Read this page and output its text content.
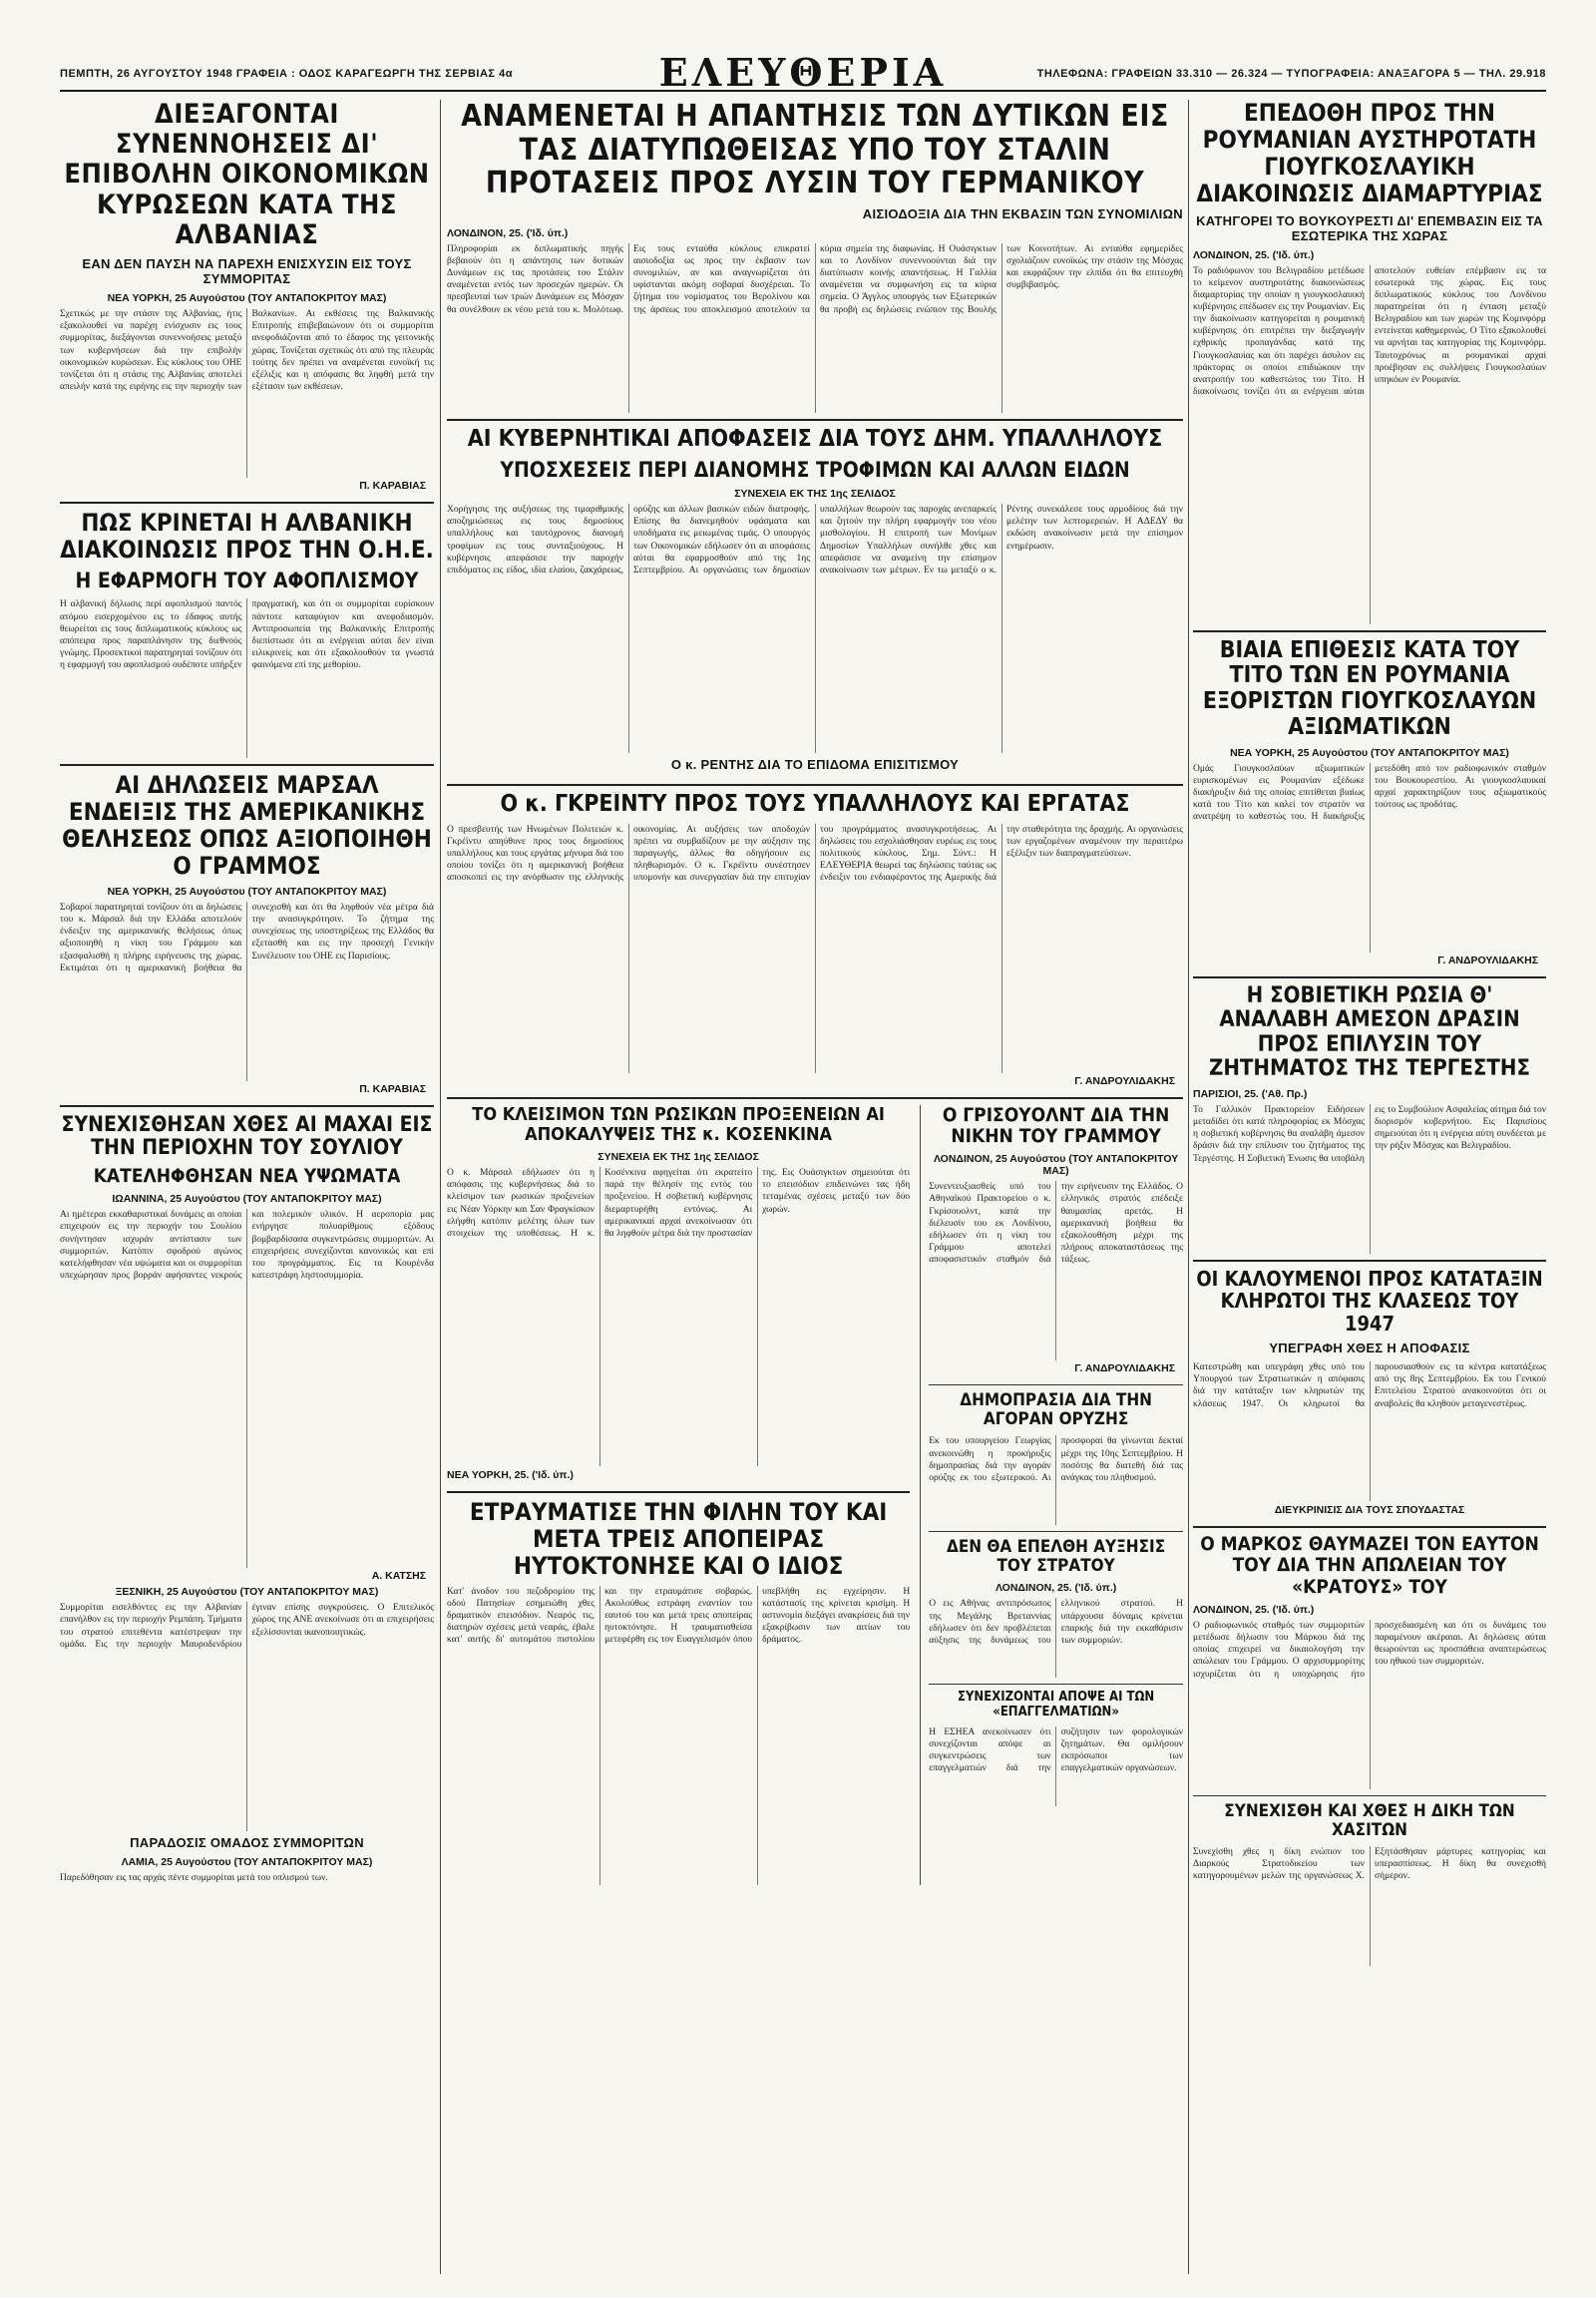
ΠΕΜΠΤΗ, 26 ΑΥΓΟΥΣΤΟΥ 1948 ΓΡΑΦΕΙΑ : ΟΔΟΣ ΚΑΡΑΓΕΩΡΓΗ ΤΗΣ ΣΕΡΒΙΑΣ 4α	ΕΛΕΥΘΕΡΙΑ	ΤΗΛΕΦΩΝΑ: ΓΡΑΦΕΙΩΝ 33.310 — 26.324 — ΤΥΠΟΓΡΑΦΕΙΑ: ΑΝΑΞΑΓΟΡΑ 5 — ΤΗΛ. 29.918
ΔΙΕΞΑΓΟΝΤΑΙ ΣΥΝΕΝΝΟΗΣΕΙΣ ΔΙ' ΕΠΙΒΟΛΗΝ ΟΙΚΟΝΟΜΙΚΩΝ ΚΥΡΩΣΕΩΝ ΚΑΤΑ ΤΗΣ ΑΛΒΑΝΙΑΣ
ΕΑΝ ΔΕΝ ΠΑΥΣΗ ΝΑ ΠΑΡΕΧΗ ΕΝΙΣΧΥΣΙΝ ΕΙΣ ΤΟΥΣ ΣΥΜΜΟΡΙΤΑΣ
ΝΕΑ ΥΟΡΚΗ, 25 Αυγούστου (ΤΟΥ ΑΝΤΑΠΟΚΡΙΤΟΥ ΜΑΣ)
Σχετικώς με την στάσιν της Αλβανίας, ήτις εξακολουθεί να παρέχη ενίσχυσιν εις τους συμμορίτας, διεξάγονται συνεννοήσεις μεταξύ των κυβερνήσεων διά την επιβολήν οικονομικών κυρώσεων. Εις κύκλους του ΟΗΕ τονίζεται ότι η στάσις της Αλβανίας αποτελεί απειλήν κατά της ειρήνης εις την περιοχήν των Βαλκανίων. Αι εκθέσεις της Βαλκανικής Επιτροπής επιβεβαιώνουν ότι οι συμμορίται ανεφοδιάζονται από το έδαφος της γειτονικής χώρας. Τονίζεται σχετικώς ότι από της πλευράς τούτης δεν πρέπει να αναμένεται ευνοϊκή τις εξέλιξις και η απόφασις θα ληφθή μετά την εξέτασιν των εκθέσεων.
Π. ΚΑΡΑΒΙΑΣ
ΠΩΣ ΚΡΙΝΕΤΑΙ Η ΑΛΒΑΝΙΚΗ ΔΙΑΚΟΙΝΩΣΙΣ ΠΡΟΣ ΤΗΝ Ο.Η.Ε.
Η ΕΦΑΡΜΟΓΗ ΤΟΥ ΑΦΟΠΛΙΣΜΟΥ
Η αλβανική δήλωσις περί αφοπλισμού παντός ατόμου εισερχομένου εις το έδαφος αυτής θεωρείται εις τους διπλωματικούς κύκλους ως απόπειρα προς παραπλάνησιν της διεθνούς γνώμης. Προσεκτικοί παρατηρηταί τονίζουν ότι η εφαρμογή του αφοπλισμού ουδέποτε υπήρξεν πραγματική, και ότι οι συμμορίται ευρίσκουν πάντοτε καταφύγιον και ανεφοδιασμόν. Αντιπροσωπεία της Βαλκανικής Επιτροπής διεπίστωσε ότι αι ενέργειαι αύται δεν είναι ειλικρινείς και ότι εξακολουθούν τα γνωστά φαινόμενα επί της μεθορίου.
ΑΙ ΔΗΛΩΣΕΙΣ ΜΑΡΣΑΛ ΕΝΔΕΙΞΙΣ ΤΗΣ ΑΜΕΡΙΚΑΝΙΚΗΣ ΘΕΛΗΣΕΩΣ ΟΠΩΣ ΑΞΙΟΠΟΙΗΘΗ Ο ΓΡΑΜΜΟΣ
ΝΕΑ ΥΟΡΚΗ, 25 Αυγούστου (ΤΟΥ ΑΝΤΑΠΟΚΡΙΤΟΥ ΜΑΣ)
Σοβαροί παρατηρηταί τονίζουν ότι αι δηλώσεις του κ. Μάρσαλ διά την Ελλάδα αποτελούν ένδειξιν της αμερικανικής θελήσεως όπως αξιοποιηθή η νίκη του Γράμμου και εξασφαλισθή η πλήρης ειρήνευσις της χώρας. Εκτιμάται ότι η αμερικανική βοήθεια θα συνεχισθή και ότι θα ληφθούν νέα μέτρα διά την ανασυγκρότησιν. Το ζήτημα της συνεχίσεως της υποστηρίξεως της Ελλάδος θα εξετασθή και εις την προσεχή Γενικήν Συνέλευσιν του ΟΗΕ εις Παρισίους.
Π. ΚΑΡΑΒΙΑΣ
ΣΥΝΕΧΙΣΘΗΣΑΝ ΧΘΕΣ ΑΙ ΜΑΧΑΙ ΕΙΣ ΤΗΝ ΠΕΡΙΟΧΗΝ ΤΟΥ ΣΟΥΛΙΟΥ
ΚΑΤΕΛΗΦΘΗΣΑΝ ΝΕΑ ΥΨΩΜΑΤΑ
ΙΩΑΝΝΙΝΑ, 25 Αυγούστου (ΤΟΥ ΑΝΤΑΠΟΚΡΙΤΟΥ ΜΑΣ)
Αι ημέτεραι εκκαθαριστικαί δυνάμεις αι οποίαι επιχειρούν εις την περιοχήν του Σουλίου συνήντησαν ισχυράν αντίστασιν των συμμοριτών. Κατόπιν σφοδρού αγώνος κατελήφθησαν νέα υψώματα και οι συμμορίται υπεχώρησαν προς βορράν αφήσαντες νεκρούς και πολεμικόν υλικόν. Η αεροπορία μας ενήργησε πολυαρίθμους εξόδους βομβαρδίσασα συγκεντρώσεις συμμοριτών. Αι επιχειρήσεις συνεχίζονται κανονικώς και επί του προγράμματος. Εις τα Κουρένδα κατεστράφη ληστοσυμμορία.
Α. ΚΑΤΣΗΣ
ΞΕΣΝΙΚΗ, 25 Αυγούστου (ΤΟΥ ΑΝΤΑΠΟΚΡΙΤΟΥ ΜΑΣ)
Συμμορίται εισελθόντες εις την Αλβανίαν επανήλθον εις την περιοχήν Ρεμπάπη. Τμήματα του στρατού επιτεθέντα κατέστρεψαν την ομάδα. Εις την περιοχήν Μαυροδενδρίου έγιναν επίσης συγκρούσεις. Ο Επιτελικός χώρος της ΑΝΕ ανεκοίνωσε ότι αι επιχειρήσεις εξελίσσονται ικανοποιητικώς.
ΠΑΡΑΔΟΣΙΣ ΟΜΑΔΟΣ ΣΥΜΜΟΡΙΤΩΝ
ΛΑΜΙΑ, 25 Αυγούστου (ΤΟΥ ΑΝΤΑΠΟΚΡΙΤΟΥ ΜΑΣ)
Παρεδόθησαν εις τας αρχάς πέντε συμμορίται μετά του οπλισμού των.
ΑΝΑΜΕΝΕΤΑΙ Η ΑΠΑΝΤΗΣΙΣ ΤΩΝ ΔΥΤΙΚΩΝ ΕΙΣ ΤΑΣ ΔΙΑΤΥΠΩΘΕΙΣΑΣ ΥΠΟ ΤΟΥ ΣΤΑΛΙΝ ΠΡΟΤΑΣΕΙΣ ΠΡΟΣ ΛΥΣΙΝ ΤΟΥ ΓΕΡΜΑΝΙΚΟΥ
ΑΙΣΙΟΔΟΞΙΑ ΔΙΑ ΤΗΝ ΕΚΒΑΣΙΝ ΤΩΝ ΣΥΝΟΜΙΛΙΩΝ
ΛΟΝΔΙΝΟΝ, 25. ('Ιδ. ύπ.)
Πληροφορίαι εκ διπλωματικής πηγής βεβαιούν ότι η απάντησις των δυτικών Δυνάμεων εις τας προτάσεις του Στάλιν αναμένεται εντός των προσεχών ημερών. Οι πρεσβευταί των τριών Δυνάμεων εις Μόσχαν θα συνέλθουν εκ νέου μετά του κ. Μολότωφ. Εις τους ενταύθα κύκλους επικρατεί αισιοδοξία ως προς την έκβασιν των συνομιλιών, αν και αναγνωρίζεται ότι υφίστανται ακόμη σοβαραί δυσχέρειαι. Το ζήτημα του νομίσματος του Βερολίνου και της άρσεως του αποκλεισμού αποτελούν τα κύρια σημεία της διαφωνίας. Η Ουάσιγκτων και το Λονδίνον συνεννοούνται διά την διατύπωσιν κοινής απαντήσεως. Η Γαλλία αναμένεται να συμφωνήση εις τα κύρια σημεία. Ο Άγγλος υπουργός των Εξωτερικών θα προβή εις δηλώσεις ενώπιον της Βουλής των Κοινοτήτων. Αι ενταύθα εφημερίδες σχολιάζουν ευνοϊκώς την στάσιν της Μόσχας και εκφράζουν την ελπίδα ότι θα επιτευχθή συμβιβασμός.
ΑΙ ΚΥΒΕΡΝΗΤΙΚΑΙ ΑΠΟΦΑΣΕΙΣ ΔΙΑ ΤΟΥΣ ΔΗΜ. ΥΠΑΛΛΗΛΟΥΣ
ΥΠΟΣΧΕΣΕΙΣ ΠΕΡΙ ΔΙΑΝΟΜΗΣ ΤΡΟΦΙΜΩΝ ΚΑΙ ΑΛΛΩΝ ΕΙΔΩΝ
ΣΥΝΕΧΕΙΑ ΕΚ ΤΗΣ 1ης ΣΕΛΙΔΟΣ
Χορήγησις της αυξήσεως της τιμαριθμικής αποζημιώσεως εις τους δημοσίους υπαλλήλους και ταυτόχρονος διανομή τροφίμων εις τους συνταξιούχους. Η κυβέρνησις απεφάσισε την παροχήν επιδόματος εις είδος, ιδία ελαίου, ζακχάρεως, ορύζης και άλλων βασικών ειδών διατροφής. Επίσης θα διανεμηθούν υφάσματα και υποδήματα εις μειωμένας τιμάς. Ο υπουργός των Οικονομικών εδήλωσεν ότι αι αποφάσεις αύται θα εφαρμοσθούν από της 1ης Σεπτεμβρίου. Αι οργανώσεις των δημοσίων υπαλλήλων θεωρούν τας παροχάς ανεπαρκείς και ζητούν την πλήρη εφαρμογήν του νέου μισθολογίου. Η επιτροπή των Μονίμων Δημοσίων Υπαλλήλων συνήλθε χθες και απεφάσισε να αναμείνη την επίσημον ανακοίνωσιν των μέτρων. Εν τω μεταξύ ο κ. Ρέντης συνεκάλεσε τους αρμοδίους διά την μελέτην των λεπτομερειών. Η ΑΔΕΔΥ θα εκδώση ανακοίνωσιν μετά την επίσημον ενημέρωσιν.
Ο κ. ΡΕΝΤΗΣ ΔΙΑ ΤΟ ΕΠΙΔΟΜΑ ΕΠΙΣΙΤΙΣΜΟΥ
Ο κ. ΓΚΡΕΪΝΤΥ ΠΡΟΣ ΤΟΥΣ ΥΠΑΛΛΗΛΟΥΣ ΚΑΙ ΕΡΓΑΤΑΣ
Ο πρεσβευτής των Ηνωμένων Πολιτειών κ. Γκρέϊντυ απηύθυνε προς τους δημοσίους υπαλλήλους και τους εργάτας μήνυμα διά του οποίου τονίζει ότι η αμερικανική βοήθεια αποσκοπεί εις την ανόρθωσιν της ελληνικής οικονομίας. Αι αυξήσεις των αποδοχών πρέπει να συμβαδίζουν με την αύξησιν της παραγωγής, άλλως θα οδηγήσουν εις πληθωρισμόν. Ο κ. Γκρέϊντυ συνέστησεν υπομονήν και συνεργασίαν διά την επιτυχίαν του προγράμματος ανασυγκροτήσεως. Αι δηλώσεις του εσχολιάσθησαν ευρέως εις τους πολιτικούς κύκλους. Σημ. Σύντ.: Η ΕΛΕΥΘΕΡΙΑ θεωρεί τας δηλώσεις ταύτας ως ένδειξιν του ενδιαφέροντος της Αμερικής διά την σταθερότητα της δραχμής. Αι οργανώσεις των εργαζομένων αναμένουν την περαιτέρω εξέλιξιν των διαπραγματεύσεων.
Γ. ΑΝΔΡΟΥΛΙΔΑΚΗΣ
ΤΟ ΚΛΕΙΣΙΜΟΝ ΤΩΝ ΡΩΣΙΚΩΝ ΠΡΟΞΕΝΕΙΩΝ ΑΙ ΑΠΟΚΑΛΥΨΕΙΣ ΤΗΣ κ. ΚΟΣΕΝΚΙΝΑ
ΣΥΝΕΧΕΙΑ ΕΚ ΤΗΣ 1ης ΣΕΛΙΔΟΣ
Ο κ. Μάρσαλ εδήλωσεν ότι η απόφασις της κυβερνήσεως διά το κλείσιμον των ρωσικών προξενείων εις Νέαν Υόρκην και Σαν Φραγκίσκον ελήφθη κατόπιν μελέτης όλων των στοιχείων της υποθέσεως. Η κ. Κοσένκινα αφηγείται ότι εκρατείτο παρά την θέλησίν της εντός του προξενείου. Η σοβιετική κυβέρνησις διεμαρτυρήθη εντόνως. Αι αμερικανικαί αρχαί ανεκοίνωσαν ότι θα ληφθούν μέτρα διά την προστασίαν της. Εις Ουάσιγκτων σημειούται ότι το επεισόδιον επιδεινώνει τας ήδη τεταμένας σχέσεις μεταξύ των δύο χωρών.
ΝΕΑ ΥΟΡΚΗ, 25. ('Ιδ. ύπ.)
ΕΤΡΑΥΜΑΤΙΣΕ ΤΗΝ ΦΙΛΗΝ ΤΟΥ ΚΑΙ ΜΕΤΑ ΤΡΕΙΣ ΑΠΟΠΕΙΡΑΣ ΗΥΤΟΚΤΟΝΗΣΕ ΚΑΙ Ο ΙΔΙΟΣ
Κατ' άνοδον του πεζοδρομίου της οδού Πατησίων εσημειώθη χθες δραματικόν επεισόδιον. Νεαρός τις, διατηρών σχέσεις μετά νεαράς, έβαλε κατ' αυτής δι' αυτομάτου πιστολίου και την ετραυμάτισε σοβαρώς. Ακολούθως εστράφη εναντίον του εαυτού του και μετά τρεις αποπείρας ηυτοκτόνησε. Η τραυματισθείσα μετεφέρθη εις τον Ευαγγελισμόν όπου υπεβλήθη εις εγχείρησιν. Η κατάστασίς της κρίνεται κρισίμη. Η αστυνομία διεξάγει ανακρίσεις διά την εξακρίβωσιν των αιτίων του δράματος.
Ο ΓΡΙΣΟΥΟΛΝΤ ΔΙΑ ΤΗΝ ΝΙΚΗΝ ΤΟΥ ΓΡΑΜΜΟΥ
ΛΟΝΔΙΝΟΝ, 25 Αυγούστου (ΤΟΥ ΑΝΤΑΠΟΚΡΙΤΟΥ ΜΑΣ)
Συνεντευξιασθείς υπό του Αθηναϊκού Πρακτορείου ο κ. Γκρίσουολντ, κατά την διέλευσίν του εκ Λονδίνου, εδήλωσεν ότι η νίκη του Γράμμου αποτελεί αποφασιστικόν σταθμόν διά την ειρήνευσιν της Ελλάδος. Ο ελληνικός στρατός επέδειξε θαυμασίας αρετάς. Η αμερικανική βοήθεια θα εξακολουθήση μέχρι της πλήρους αποκαταστάσεως της τάξεως.
Γ. ΑΝΔΡΟΥΛΙΔΑΚΗΣ
ΔΗΜΟΠΡΑΣΙΑ ΔΙΑ ΤΗΝ ΑΓΟΡΑΝ ΟΡΥΖΗΣ
Εκ του υπουργείου Γεωργίας ανεκοινώθη η προκήρυξις δημοπρασίας διά την αγοράν ορύζης εκ του εξωτερικού. Αι προσφοραί θα γίνωνται δεκταί μέχρι της 10ης Σεπτεμβρίου. Η ποσότης θα διατεθή διά τας ανάγκας του πληθυσμού.
ΔΕΝ ΘΑ ΕΠΕΛΘΗ ΑΥΞΗΣΙΣ ΤΟΥ ΣΤΡΑΤΟΥ
ΛΟΝΔΙΝΟΝ, 25. ('Ιδ. ύπ.)
Ο εις Αθήνας αντιπρόσωπος της Μεγάλης Βρεταννίας εδήλωσεν ότι δεν προβλέπεται αύξησις της δυνάμεως του ελληνικού στρατού. Η υπάρχουσα δύναμις κρίνεται επαρκής διά την εκκαθάρισιν των συμμοριών.
ΣΥΝΕΧΙΖΟΝΤΑΙ ΑΠΟΨΕ ΑΙ ΤΩΝ «ΕΠΑΓΓΕΛΜΑΤΙΩΝ»
Η ΕΣΗΕΑ ανεκοίνωσεν ότι συνεχίζονται απόψε αι συγκεντρώσεις των επαγγελματιών διά την συζήτησιν των φορολογικών ζητημάτων. Θα ομιλήσουν εκπρόσωποι των επαγγελματικών οργανώσεων.
ΕΠΕΔΟΘΗ ΠΡΟΣ ΤΗΝ ΡΟΥΜΑΝΙΑΝ ΑΥΣΤΗΡΟΤΑΤΗ ΓΙΟΥΓΚΟΣΛΑΥΙΚΗ ΔΙΑΚΟΙΝΩΣΙΣ ΔΙΑΜΑΡΤΥΡΙΑΣ
ΚΑΤΗΓΟΡΕΙ ΤΟ ΒΟΥΚΟΥΡΕΣΤΙ ΔΙ' ΕΠΕΜΒΑΣΙΝ ΕΙΣ ΤΑ ΕΣΩΤΕΡΙΚΑ ΤΗΣ ΧΩΡΑΣ
ΛΟΝΔΙΝΟΝ, 25. ('Ιδ. ύπ.)
Το ραδιόφωνον του Βελιγραδίου μετέδωσε το κείμενον αυστηροτάτης διακοινώσεως διαμαρτυρίας την οποίαν η γιουγκοσλαυική κυβέρνησις επέδωσεν εις την Ρουμανίαν. Εις την διακοίνωσιν κατηγορείται η ρουμανική κυβέρνησις ότι επιτρέπει την διεξαγωγήν εχθρικής προπαγάνδας κατά της Γιουγκοσλαυίας και ότι παρέχει άσυλον εις πράκτορας οι οποίοι επιδιώκουν την ανατροπήν του καθεστώτος του Τίτο. Η διακοίνωσις τονίζει ότι αι ενέργειαι αύται αποτελούν ευθείαν επέμβασιν εις τα εσωτερικά της χώρας. Εις τους διπλωματικούς κύκλους του Λονδίνου παρατηρείται ότι η ένταση μεταξύ Βελιγραδίου και των χωρών της Κομινφόρμ εντείνεται καθημερινώς. Ο Τίτο εξακολουθεί να αρνήται τας κατηγορίας της Κομινφόρμ. Ταυτοχρόνως αι ρουμανικαί αρχαί προέβησαν εις συλλήψεις Γιουγκοσλαύων υπηκόων εν Ρουμανία.
ΒΙΑΙΑ ΕΠΙΘΕΣΙΣ ΚΑΤΑ ΤΟΥ ΤΙΤΟ ΤΩΝ ΕΝ ΡΟΥΜΑΝΙΑ ΕΞΟΡΙΣΤΩΝ ΓΙΟΥΓΚΟΣΛΑΥΩΝ ΑΞΙΩΜΑΤΙΚΩΝ
ΝΕΑ ΥΟΡΚΗ, 25 Αυγούστου (ΤΟΥ ΑΝΤΑΠΟΚΡΙΤΟΥ ΜΑΣ)
Ομάς Γιουγκοσλαύων αξιωματικών ευρισκομένων εις Ρουμανίαν εξέδωκε διακήρυξιν διά της οποίας επιτίθεται βιαίως κατά του Τίτο και καλεί τον στρατόν να ανατρέψη το καθεστώς του. Η διακήρυξις μετεδόθη από τον ραδιοφωνικόν σταθμόν του Βουκουρεστίου. Αι γιουγκοσλαυικαί αρχαί χαρακτηρίζουν τους αξιωματικούς τούτους ως προδότας.
Γ. ΑΝΔΡΟΥΛΙΔΑΚΗΣ
Η ΣΟΒΙΕΤΙΚΗ ΡΩΣΙΑ Θ' ΑΝΑΛΑΒΗ ΑΜΕΣΟΝ ΔΡΑΣΙΝ ΠΡΟΣ ΕΠΙΛΥΣΙΝ ΤΟΥ ΖΗΤΗΜΑΤΟΣ ΤΗΣ ΤΕΡΓΕΣΤΗΣ
ΠΑΡΙΣΙΟΙ, 25. ('Αθ. Πρ.)
Το Γαλλικόν Πρακτορείον Ειδήσεων μεταδίδει ότι κατά πληροφορίας εκ Μόσχας η σοβιετική κυβέρνησις θα αναλάβη άμεσον δράσιν διά την επίλυσιν του ζητήματος της Τεργέστης. Η Σοβιετική Ένωσις θα υποβάλη εις το Συμβούλιον Ασφαλείας αίτημα διά τον διορισμόν κυβερνήτου. Εις Παρισίους σημειούται ότι η ενέργεια αύτη συνδέεται με την ρήξιν Μόσχας και Βελιγραδίου.
ΟΙ ΚΑΛΟΥΜΕΝΟΙ ΠΡΟΣ ΚΑΤΑΤΑΞΙΝ ΚΛΗΡΩΤΟΙ ΤΗΣ ΚΛΑΣΕΩΣ ΤΟΥ 1947
ΥΠΕΓΡΑΦΗ ΧΘΕΣ Η ΑΠΟΦΑΣΙΣ
Κατεστρώθη και υπεγράφη χθες υπό του Υπουργού των Στρατιωτικών η απόφασις διά την κατάταξιν των κληρωτών της κλάσεως 1947. Οι κληρωτοί θα παρουσιασθούν εις τα κέντρα κατατάξεως από της 8ης Σεπτεμβρίου. Εκ του Γενικού Επιτελείου Στρατού ανακοινούται ότι οι αναβολείς θα κληθούν μεταγενεστέρως.
ΔΙΕΥΚΡΙΝΙΣΙΣ ΔΙΑ ΤΟΥΣ ΣΠΟΥΔΑΣΤΑΣ
Ο ΜΑΡΚΟΣ ΘΑΥΜΑΖΕΙ ΤΟΝ ΕΑΥΤΟΝ ΤΟΥ ΔΙΑ ΤΗΝ ΑΠΩΛΕΙΑΝ ΤΟΥ «ΚΡΑΤΟΥΣ» ΤΟΥ
ΛΟΝΔΙΝΟΝ, 25. ('Ιδ. ύπ.)
Ο ραδιοφωνικός σταθμός των συμμοριτών μετέδωσε δήλωσιν του Μάρκου διά της οποίας επιχειρεί να δικαιολογήση την απώλειαν του Γράμμου. Ο αρχισυμμορίτης ισχυρίζεται ότι η υποχώρησις ήτο προσχεδιασμένη και ότι οι δυνάμεις του παραμένουν ακέραιαι. Αι δηλώσεις αύται θεωρούνται ως προσπάθεια αναπτερώσεως του ηθικού των συμμοριτών.
ΣΥΝΕΧΙΣΘΗ ΚΑΙ ΧΘΕΣ Η ΔΙΚΗ ΤΩΝ ΧΑΣΙΤΩΝ
Συνεχίσθη χθες η δίκη ενώπιον του Διαρκούς Στρατοδικείου των κατηγορουμένων μελών της οργανώσεως Χ. Εξητάσθησαν μάρτυρες κατηγορίας και υπερασπίσεως. Η δίκη θα συνεχισθή σήμερον.
